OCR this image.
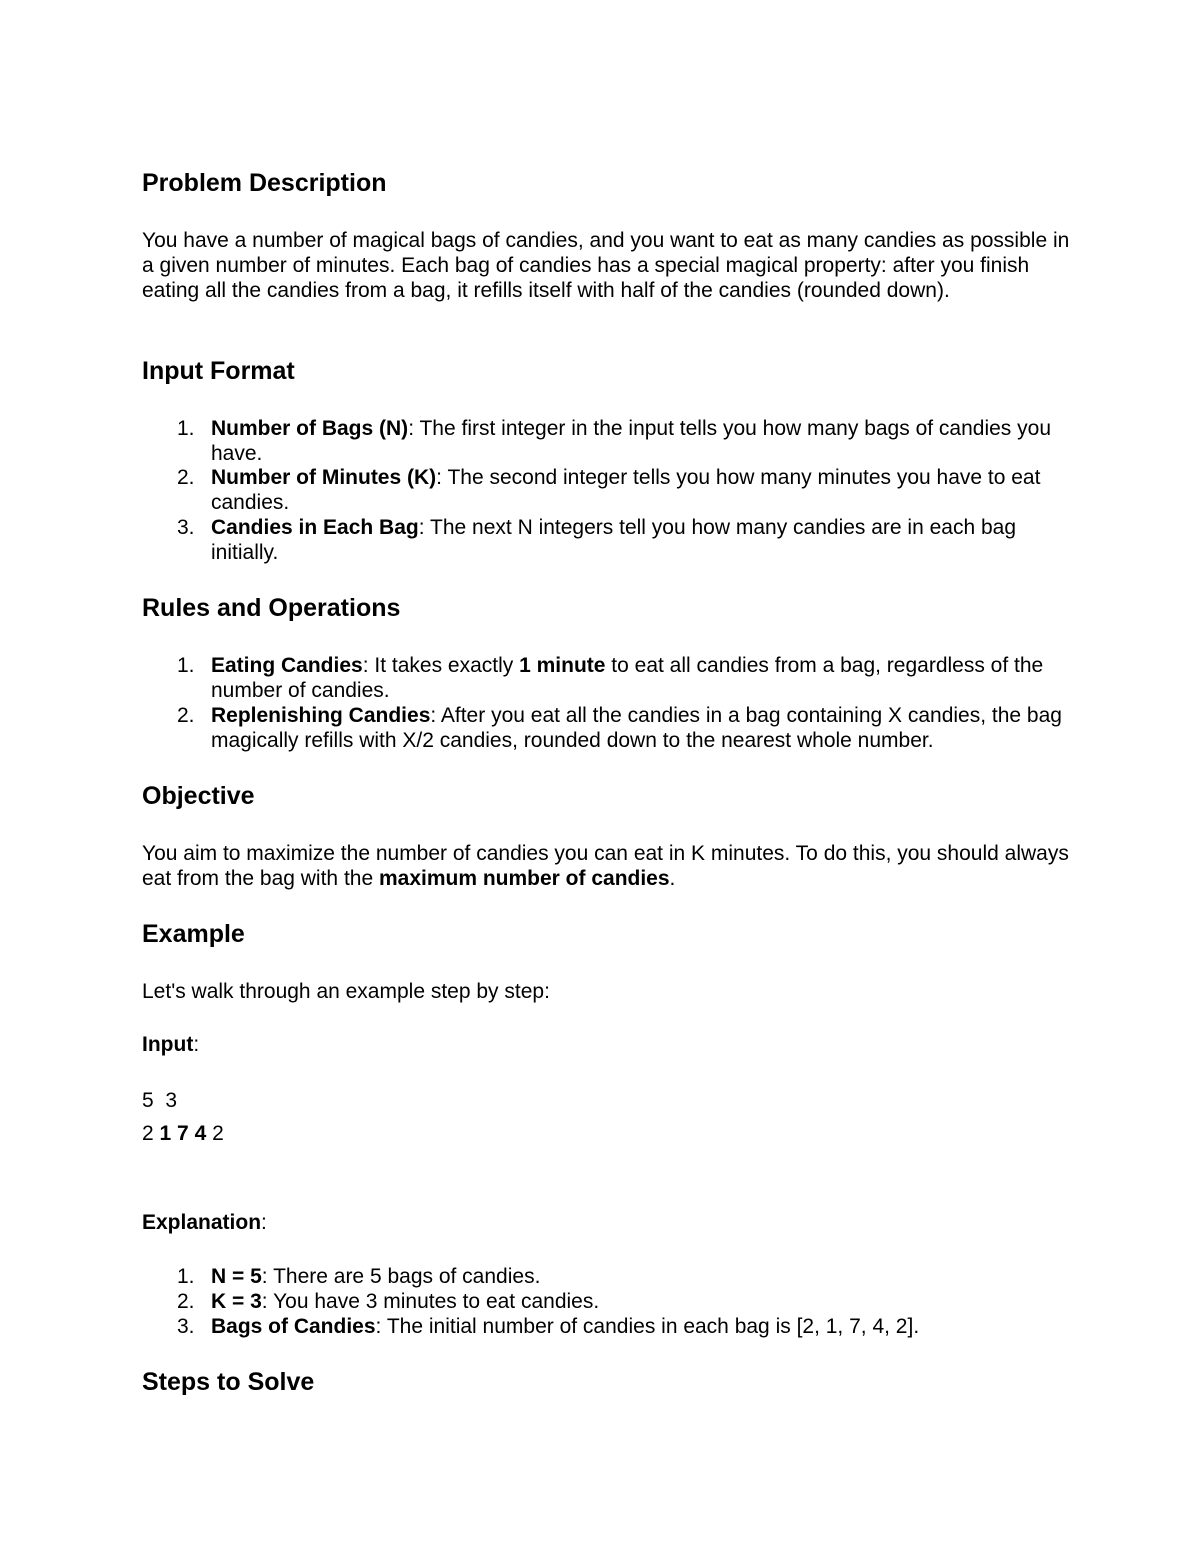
Problem Description
You have a number of magical bags of candies, and you want to eat as many candies as possible in a given number of minutes. Each bag of candies has a special magical property: after you finish eating all the candies from a bag, it refills itself with half of the candies (rounded down).
Input Format
1. Number of Bags (N): The first integer in the input tells you how many bags of candies you have.
2. Number of Minutes (K): The second integer tells you how many minutes you have to eat candies.
3. Candies in Each Bag: The next N integers tell you how many candies are in each bag initially.
Rules and Operations
1. Eating Candies: It takes exactly 1 minute to eat all candies from a bag, regardless of the number of candies.
2. Replenishing Candies: After you eat all the candies in a bag containing X candies, the bag magically refills with X/2 candies, rounded down to the nearest whole number.
Objective
You aim to maximize the number of candies you can eat in K minutes. To do this, you should always eat from the bag with the maximum number of candies.
Example
Let's walk through an example step by step:
Input:
5  3
2 1 7 4 2
Explanation:
1. N = 5: There are 5 bags of candies.
2. K = 3: You have 3 minutes to eat candies.
3. Bags of Candies: The initial number of candies in each bag is [2, 1, 7, 4, 2].
Steps to Solve
